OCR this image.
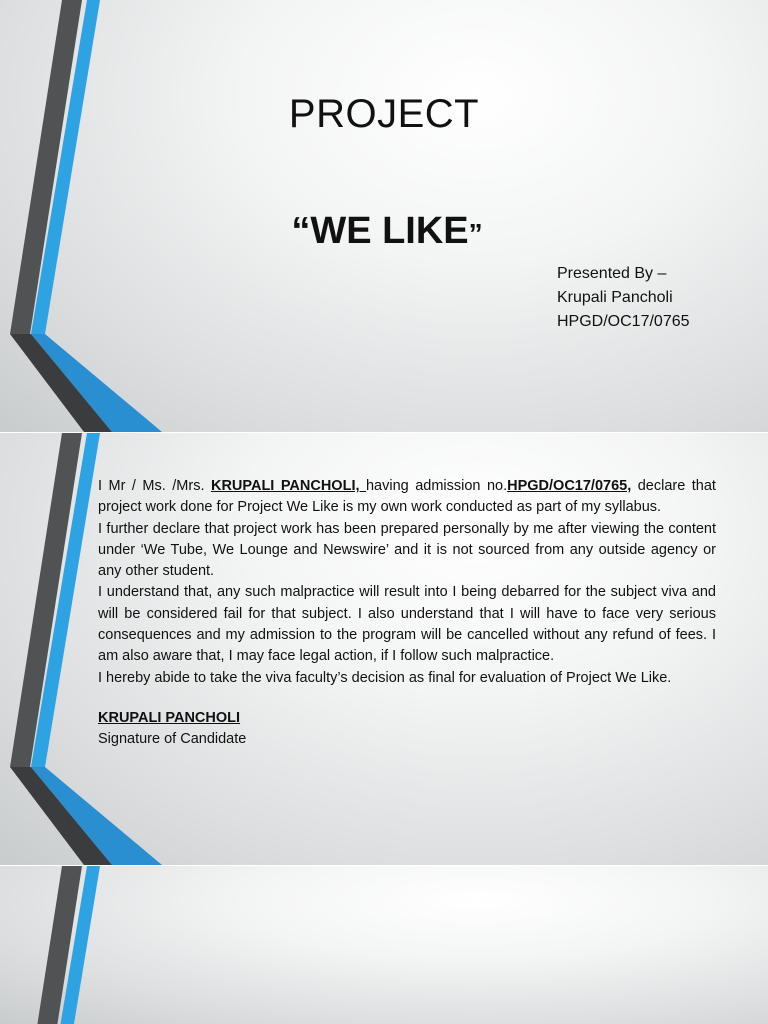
PROJECT
“WE LIKE”
Presented By –
Krupali Pancholi
HPGD/OC17/0765

I Mr / Ms. /Mrs. KRUPALI PANCHOLI, having admission no.HPGD/OC17/0765, declare that project work done for Project We Like is my own work conducted as part of my syllabus.

I further declare that project work has been prepared personally by me after viewing the content under ‘We Tube, We Lounge and Newswire’ and it is not sourced from any outside agency or any other student.

I understand that, any such malpractice will result into I being debarred for the subject viva and will be considered fail for that subject. I also understand that I will have to face very serious consequences and my admission to the program will be cancelled without any refund of fees. I am also aware that, I may face legal action, if I follow such malpractice.

I hereby abide to take the viva faculty’s decision as final for evaluation of Project We Like.

KRUPALI PANCHOLI

Signature of Candidate
